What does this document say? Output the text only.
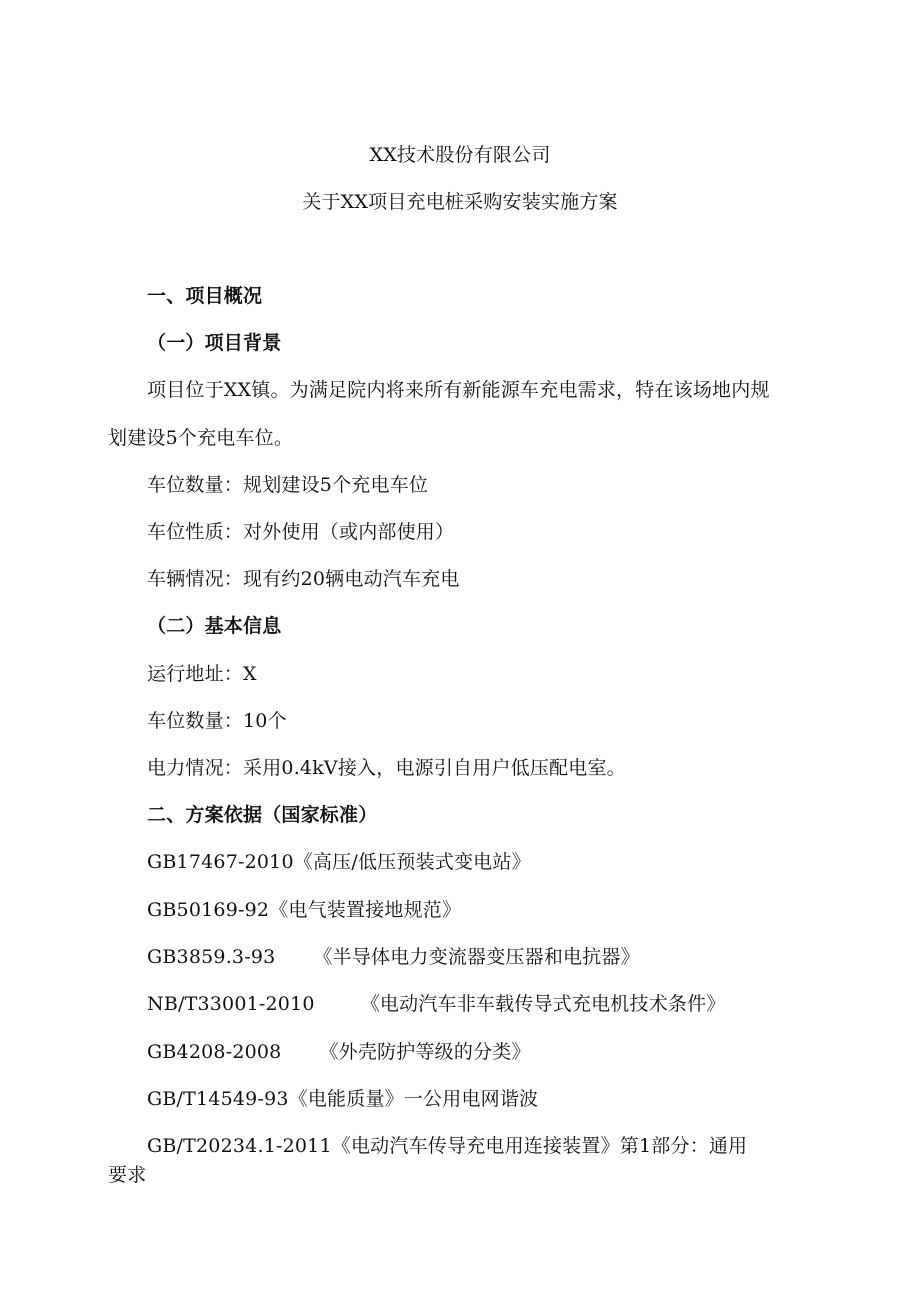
XX技术股份有限公司
关于XX项目充电桩采购安装实施方案
一、项目概况
（一）项目背景
项目位于XX镇。为满足院内将来所有新能源车充电需求，特在该场地内规
划建设5个充电车位。
车位数量：规划建设5个充电车位
车位性质：对外使用（或内部使用）
车辆情况：现有约20辆电动汽车充电
（二）基本信息
运行地址：X
车位数量：10个
电力情况：采用0.4kV接入，电源引自用户低压配电室。
二、方案依据（国家标准）
GB17467-2010《高压/低压预装式变电站》
GB50169-92《电气装置接地规范》
GB3859.3-93 《半导体电力变流器变压器和电抗器》
NB/T33001-2010 《电动汽车非车载传导式充电机技术条件》
GB4208-2008 《外壳防护等级的分类》
GB/T14549-93《电能质量》一公用电网谐波
GB/T20234.1-2011《电动汽车传导充电用连接装置》第1部分：通用
要求
